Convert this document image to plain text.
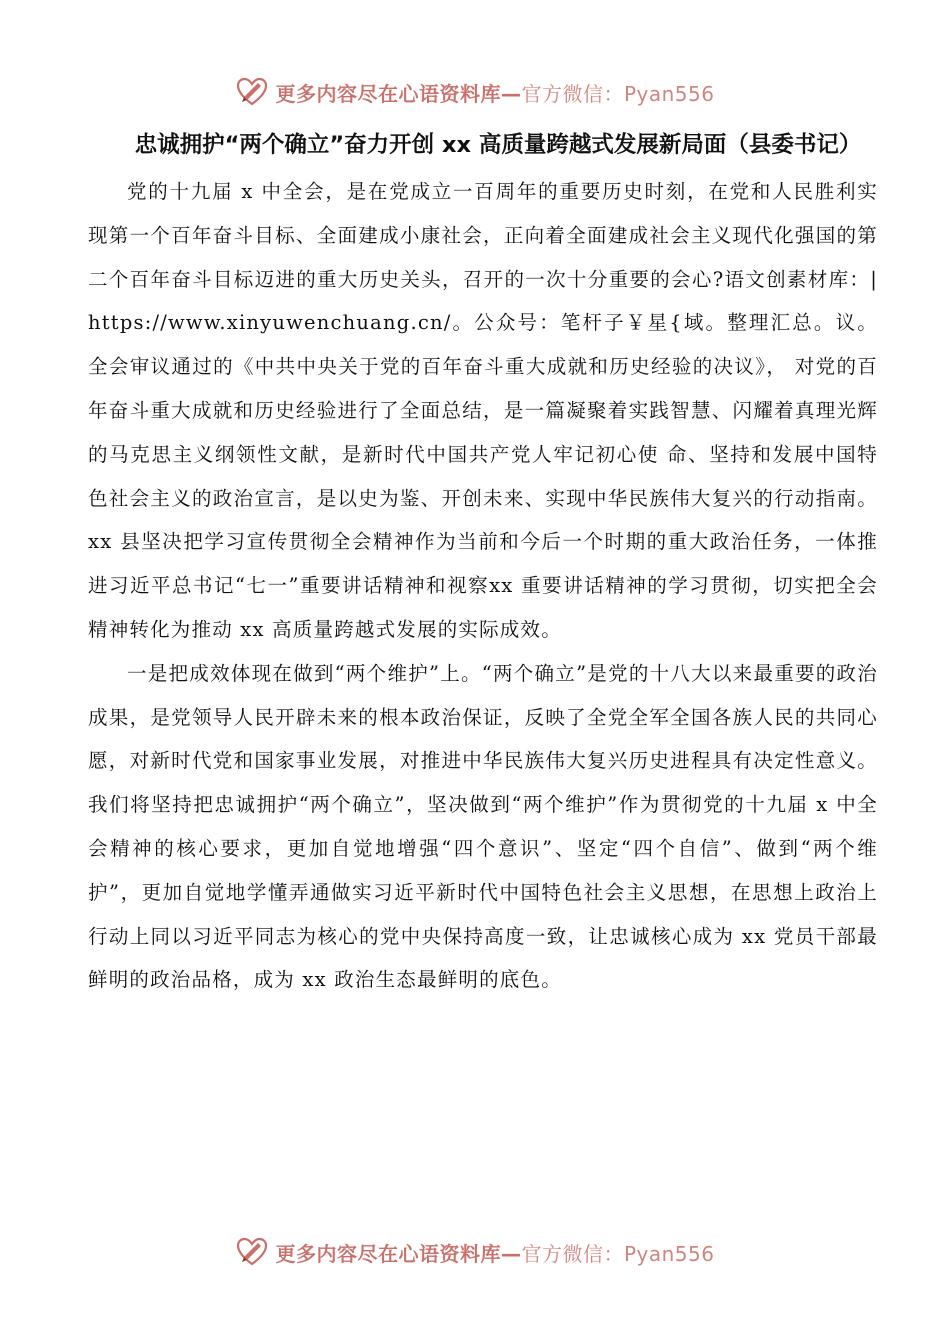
更多内容尽在心语资料库—官方微信：Pyan556
忠诚拥护“两个确立”奋力开创 xx 高质量跨越式发展新局面（县委书记）

党的十九届 x 中全会，是在党成立一百周年的重要历史时刻，在党和人民胜利实现第一个百年奋斗目标、全面建成小康社会，正向着全面建成社会主义现代化强国的第二个百年奋斗目标迈进的重大历史关头，召开的一次十分重要的会心?语文创素材库：|https://www.xinyuwenchuang.cn/。公众号：笔杆子￥星{域。整理汇总。议。全会审议通过的《中共中央关于党的百年奋斗重大成就和历史经验的决议》， 对党的百年奋斗重大成就和历史经验进行了全面总结，是一篇凝聚着实践智慧、闪耀着真理光辉的马克思主义纲领性文献，是新时代中国共产党人牢记初心使 命、坚持和发展中国特色社会主义的政治宣言，是以史为鉴、开创未来、实现中华民族伟大复兴的行动指南。xx 县坚决把学习宣传贯彻全会精神作为当前和今后一个时期的重大政治任务，一体推进习近平总书记“七一”重要讲话精神和视察xx 重要讲话精神的学习贯彻，切实把全会精神转化为推动 xx 高质量跨越式发展的实际成效。

一是把成效体现在做到“两个维护”上。“两个确立”是党的十八大以来最重要的政治成果，是党领导人民开辟未来的根本政治保证，反映了全党全军全国各族人民的共同心愿，对新时代党和国家事业发展，对推进中华民族伟大复兴历史进程具有决定性意义。我们将坚持把忠诚拥护“两个确立”，坚决做到“两个维护”作为贯彻党的十九届 x 中全会精神的核心要求，更加自觉地增强“四个意识”、坚定“四个自信”、做到“两个维护”，更加自觉地学懂弄通做实习近平新时代中国特色社会主义思想，在思想上政治上行动上同以习近平同志为核心的党中央保持高度一致，让忠诚核心成为 xx 党员干部最鲜明的政治品格，成为 xx 政治生态最鲜明的底色。

更多内容尽在心语资料库—官方微信：Pyan556
